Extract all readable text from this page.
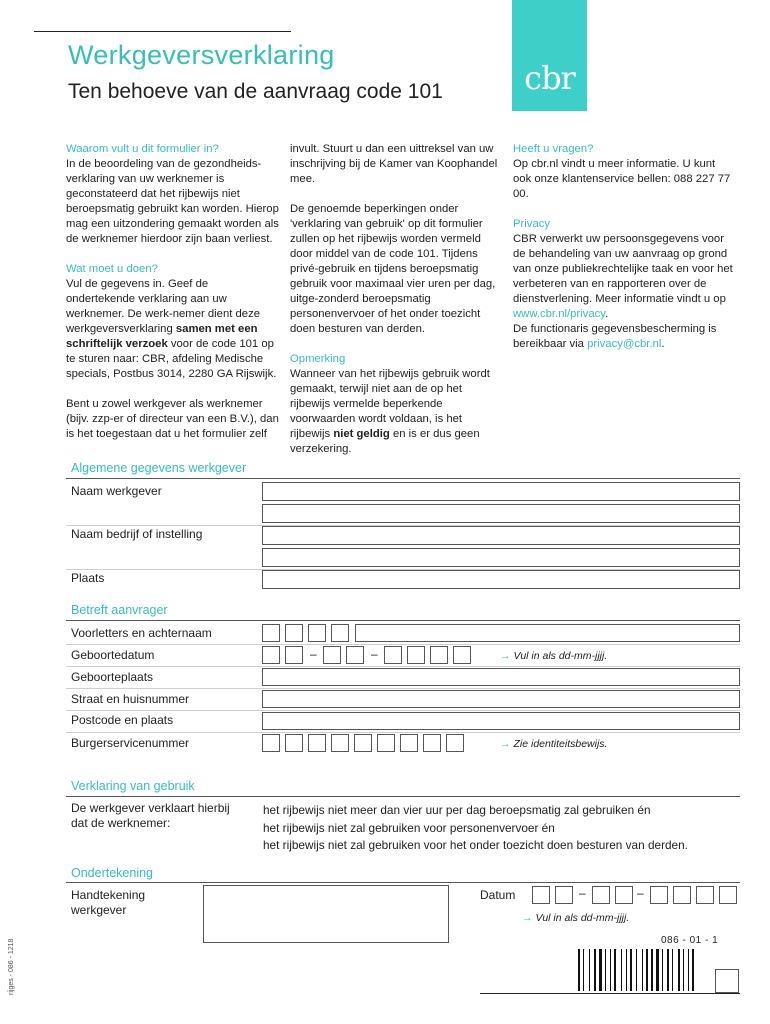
cbr
Werkgeversverklaring
Ten behoeve van de aanvraag code 101

Waarom vult u dit formulier in?

In de beoordeling van de gezondheids-verklaring van uw werknemer is geconstateerd dat het rijbewijs niet beroepsmatig gebruikt kan worden. Hierop mag een uitzondering gemaakt worden als de werknemer hierdoor zijn baan verliest.

Wat moet u doen?

Vul de gegevens in. Geef de ondertekende verklaring aan uw werknemer. De werk-nemer dient deze werkgeversverklaring samen met een schriftelijk verzoek voor de code 101 op te sturen naar: CBR, afdeling Medische specials, Postbus 3014, 2280 GA Rijswijk.

Bent u zowel werkgever als werknemer (bijv. zzp-er of directeur van een B.V.), dan is het toegestaan dat u het formulier zelf

invult. Stuurt u dan een uittreksel van uw inschrijving bij de Kamer van Koophandel mee.

De genoemde beperkingen onder 'verklaring van gebruik' op dit formulier zullen op het rijbewijs worden vermeld door middel van de code 101. Tijdens privé-gebruik en tijdens beroepsmatig gebruik voor maximaal vier uren per dag, uitge-zonderd beroepsmatig personenvervoer of het onder toezicht doen besturen van derden.

Opmerking

Wanneer van het rijbewijs gebruik wordt gemaakt, terwijl niet aan de op het rijbewijs vermelde beperkende voorwaarden wordt voldaan, is het rijbewijs niet geldig en is er dus geen verzekering.

Heeft u vragen?

Op cbr.nl vindt u meer informatie. U kunt ook onze klantenservice bellen: 088 227 77 00.

Privacy

CBR verwerkt uw persoonsgegevens voor de behandeling van uw aanvraag op grond van onze publiekrechtelijke taak en voor het verbeteren van en rapporteren over de dienstverlening. Meer informatie vindt u op www.cbr.nl/privacy.

De functionaris gegevensbescherming is bereikbaar via privacy@cbr.nl.

Algemene gegevens werkgever
Naam werkgever
Naam bedrijf of instelling
Plaats
Betreft aanvrager
Voorletters en achternaam
Geboortedatum	–	–	→ Vul in als dd-mm-jjjj.
Geboorteplaats
Straat en huisnummer
Postcode en plaats
Burgerservicenummer	→ Zie identiteitsbewijs.
Verklaring van gebruik
De werkgever verklaart hierbij dat de werknemer:
het rijbewijs niet meer dan vier uur per dag beroepsmatig zal gebruiken én
het rijbewijs niet zal gebruiken voor personenvervoer én
het rijbewijs niet zal gebruiken voor het onder toezicht doen besturen van derden.
Ondertekening
Handtekening werkgever
Datum	–	–
→ Vul in als dd-mm-jjjj.
086 - 01 - 1
rijges - 086 - 1218
